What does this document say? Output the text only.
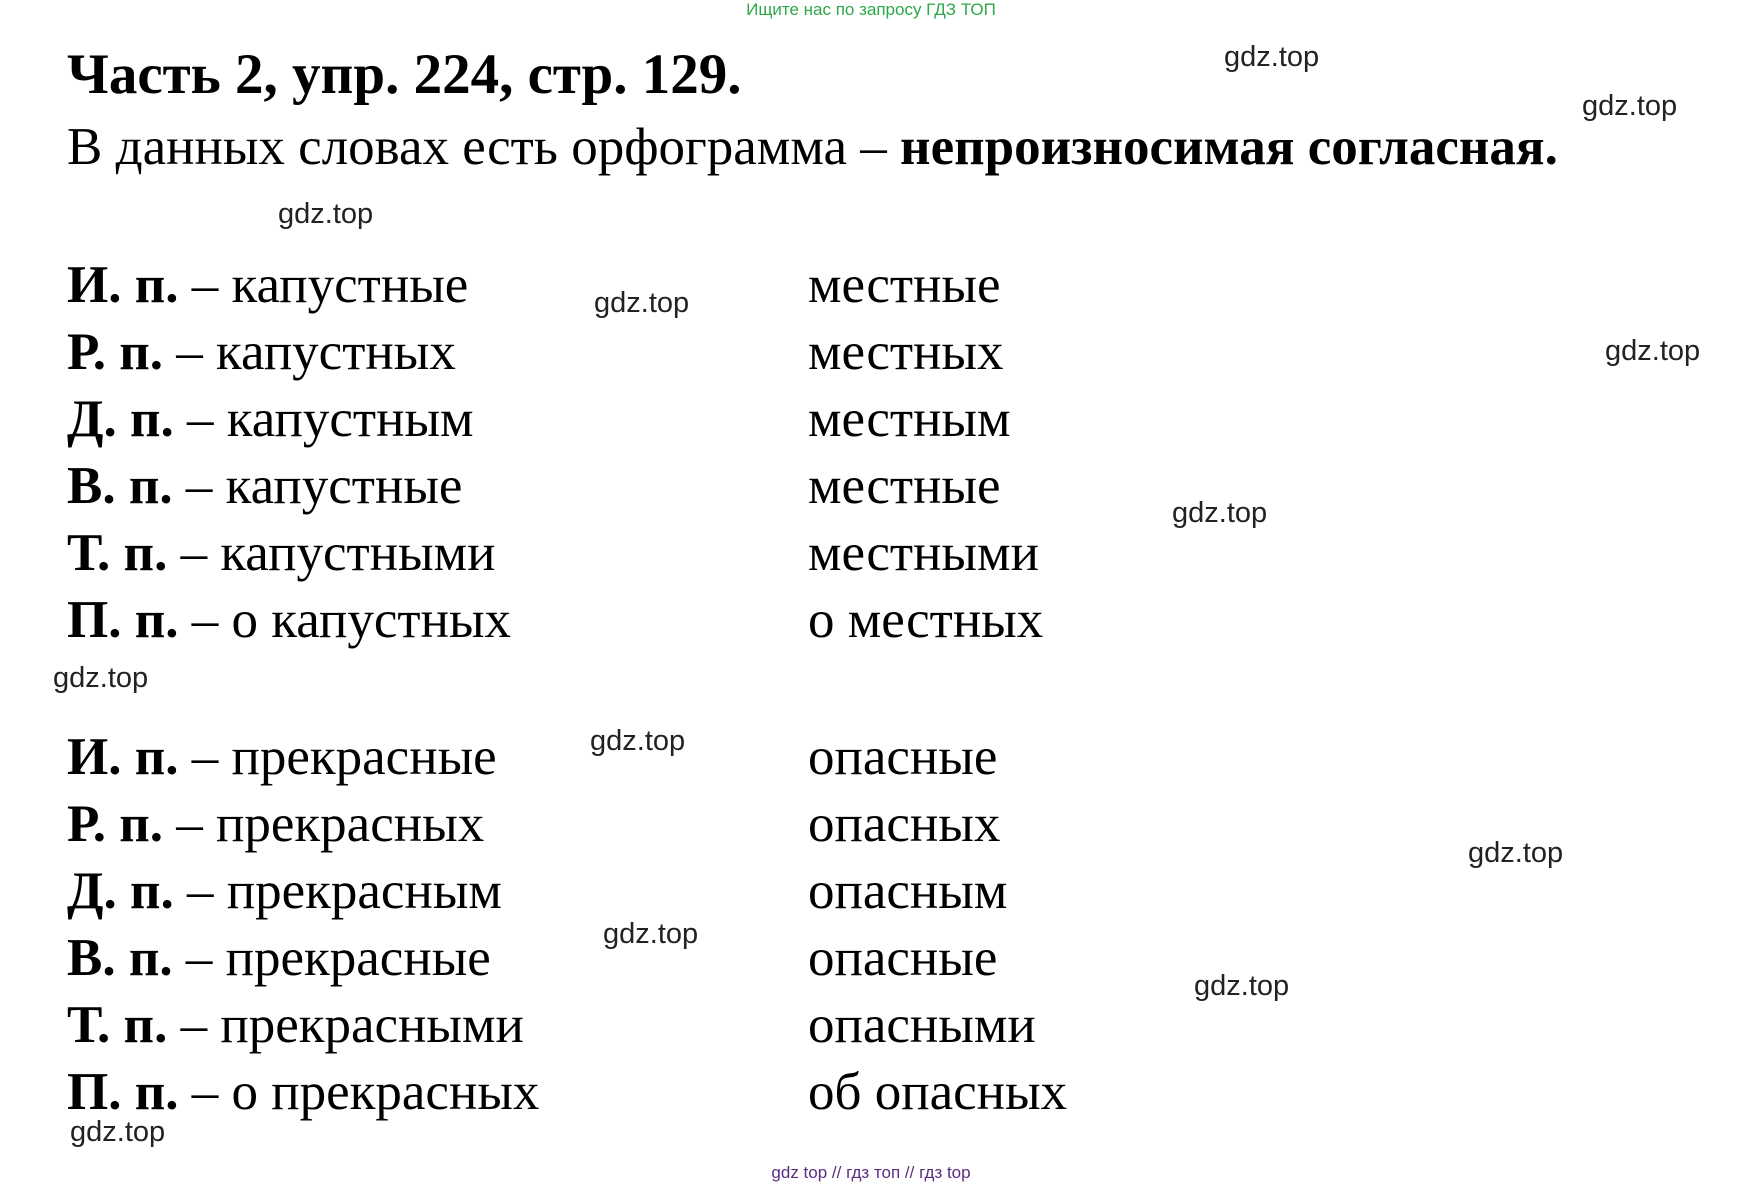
Ищите нас по запросу ГДЗ ТОП
Часть 2, упр. 224, стр. 129.
В данных словах есть орфограмма – непроизносимая согласная.
И. п. – капустные	местные
Р. п. – капустных	местных
Д. п. – капустным	местным
В. п. – капустные	местные
Т. п. – капустными	местными
П. п. – о капустных	о местных
И. п. – прекрасные	опасные
Р. п. – прекрасных	опасных
Д. п. – прекрасным	опасным
В. п. – прекрасные	опасные
Т. п. – прекрасными	опасными
П. п. – о прекрасных	об опасных
gdz.top
gdz.top
gdz.top
gdz.top
gdz.top
gdz.top
gdz.top
gdz.top
gdz.top
gdz.top
gdz.top
gdz.top
gdz top // гдз топ // гдз top
